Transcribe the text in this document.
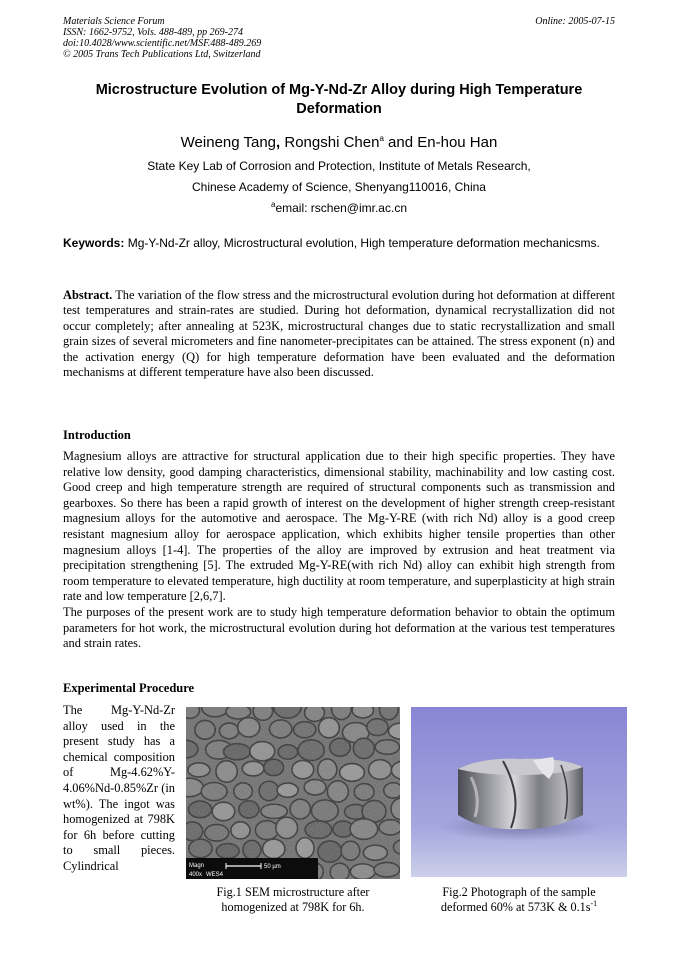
Materials Science Forum
ISSN: 1662-9752, Vols. 488-489, pp 269-274
doi:10.4028/www.scientific.net/MSF.488-489.269
© 2005 Trans Tech Publications Ltd, Switzerland
Online: 2005-07-15
Microstructure Evolution of Mg-Y-Nd-Zr Alloy during High Temperature Deformation
Weineng Tang, Rongshi Chen$^a$ and En-hou Han
State Key Lab of Corrosion and Protection, Institute of Metals Research,
Chinese Academy of Science, Shenyang110016, China
$^a$email: rschen@imr.ac.cn
Keywords: Mg-Y-Nd-Zr alloy, Microstructural evolution, High temperature deformation mechanicsms.
Abstract. The variation of the flow stress and the microstructural evolution during hot deformation at different test temperatures and strain-rates are studied. During hot deformation, dynamical recrystallization did not occur completely; after annealing at 523K, microstructural changes due to static recrystallization and small grain sizes of several micrometers and fine nanometer-precipitates can be attained. The stress exponent (n) and the activation energy (Q) for high temperature deformation have been evaluated and the deformation mechanisms at different temperature have also been discussed.
Introduction

Magnesium alloys are attractive for structural application due to their high specific properties. They have relative low density, good damping characteristics, dimensional stability, machinability and low casting cost. Good creep and high temperature strength are required of structural components such as transmission and gearboxes. So there has been a rapid growth of interest on the development of higher strength creep-resistant magnesium alloys for the automotive and aerospace. The Mg-Y-RE (with rich Nd) alloy is a good creep resistant magnesium alloy for aerospace application, which exhibits higher tensile properties than other magnesium alloys [1-4]. The properties of the alloy are improved by extrusion and heat treatment via precipitation strengthening [5]. The extruded Mg-Y-RE(with rich Nd) alloy can exhibit high strength from room temperature to elevated temperature, high ductility at room temperature, and superplasticity at high strain rate and low temperature [2,6,7].

The purposes of the present work are to study high temperature deformation behavior to obtain the optimum parameters for hot work, the microstructural evolution during hot deformation at the various test temperatures and strain rates.

Experimental Procedure
The Mg-Y-Nd-Zr alloy used in the present study has a chemical composition of Mg-4.62%Y- 4.06%Nd-0.85%Zr (in wt%). The ingot was homogenized at 798K for 6h before cutting to small pieces. Cylindrical	Magn
400x WES4
50 µm
Fig.1 SEM microstructure after
homogenized at 798K for 6h.
Fig.2 Photograph of the sample
deformed 60% at 573K & $0.1s^{-1}$
